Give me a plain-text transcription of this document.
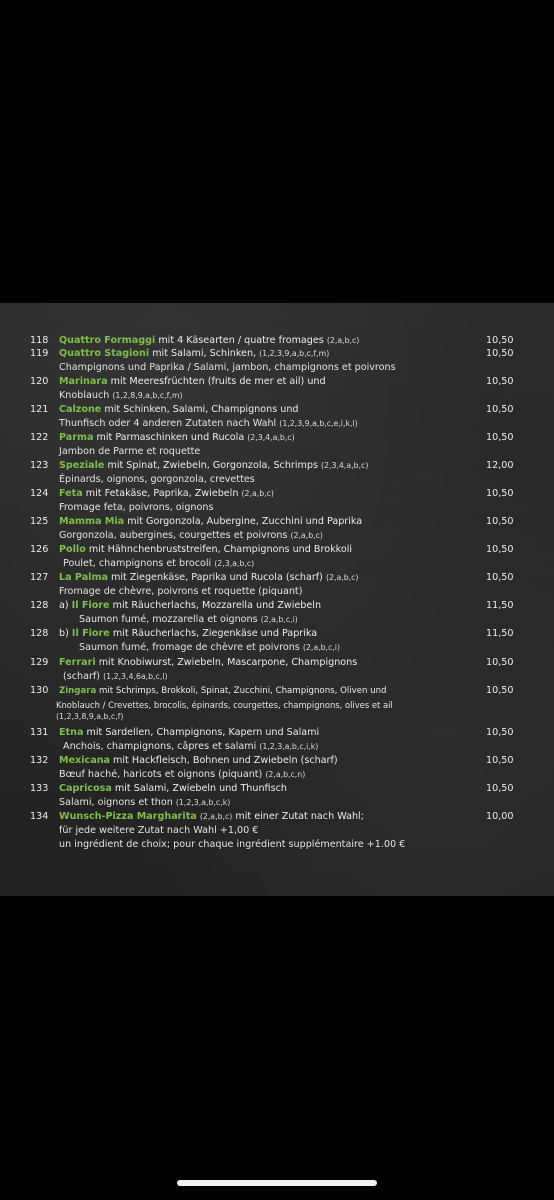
118 Quattro Formaggi mit 4 Käsearten / quatre fromages (2,a,b,c)	10,50
119 Quattro Stagioni mit Salami, Schinken, (1,2,3,9,a,b,c,f,m)	10,50
Champignons und Paprika / Salami, jambon, champignons et poivrons
120 Marinara mit Meeresfrüchten (fruits de mer et ail) und	10,50
Knoblauch (1,2,8,9,a,b,c,f,m)
121 Calzone mit Schinken, Salami, Champignons und	10,50
Thunfisch oder 4 anderen Zutaten nach Wahl (1,2,3,9,a,b,c,e,i,k,l)
122 Parma mit Parmaschinken und Rucola (2,3,4,a,b,c)	10,50
Jambon de Parme et roquette
123 Speziale mit Spinat, Zwiebeln, Gorgonzola, Schrimps (2,3,4,a,b,c)	12,00
Épinards, oignons, gorgonzola, crevettes
124 Feta mit Fetakäse, Paprika, Zwiebeln (2,a,b,c)	10,50
Fromage feta, poivrons, oignons
125 Mamma Mia mit Gorgonzola, Aubergine, Zucchini und Paprika	10,50
Gorgonzola, aubergines, courgettes et poivrons (2,a,b,c)
126 Pollo mit Hähnchenbruststreifen, Champignons und Brokkoli	10,50
Poulet, champignons et brocoli (2,3,a,b,c)
127 La Palma mit Ziegenkäse, Paprika und Rucola (scharf) (2,a,b,c)	10,50
Fromage de chèvre, poivrons et roquette (piquant)
128 a) Il Fiore mit Räucherlachs, Mozzarella und Zwiebeln	11,50
Saumon fumé, mozzarella et oignons (2,a,b,c,i)
128 b) Il Fiore mit Räucherlachs, Ziegenkäse und Paprika	11,50
Saumon fumé, fromage de chèvre et poivrons (2,a,b,c,i)
129 Ferrari mit Knobiwurst, Zwiebeln, Mascarpone, Champignons	10,50
(scharf) (1,2,3,4,6a,b,c,l)
130 Zingara mit Schrimps, Brokkoli, Spinat, Zucchini, Champignons, Oliven und	10,50
Knoblauch / Crevettes, brocolis, épinards, courgettes, champignons, olives et ail
(1,2,3,8,9,a,b,c,f)
131 Etna mit Sardellen, Champignons, Kapern und Salami	10,50
Anchois, champignons, câpres et salami (1,2,3,a,b,c,i,k)
132 Mexicana mit Hackfleisch, Bohnen und Zwiebeln (scharf)	10,50
Bœuf haché, haricots et oignons (piquant) (2,a,b,c,n)
133 Capricosa mit Salami, Zwiebeln und Thunfisch	10,50
Salami, oignons et thon (1,2,3,a,b,c,k)
134 Wunsch-Pizza Margharita (2,a,b,c) mit einer Zutat nach Wahl;	10,00
für jede weitere Zutat nach Wahl +1,00 €
un ingrédient de choix; pour chaque ingrédient supplémentaire +1.00 €
